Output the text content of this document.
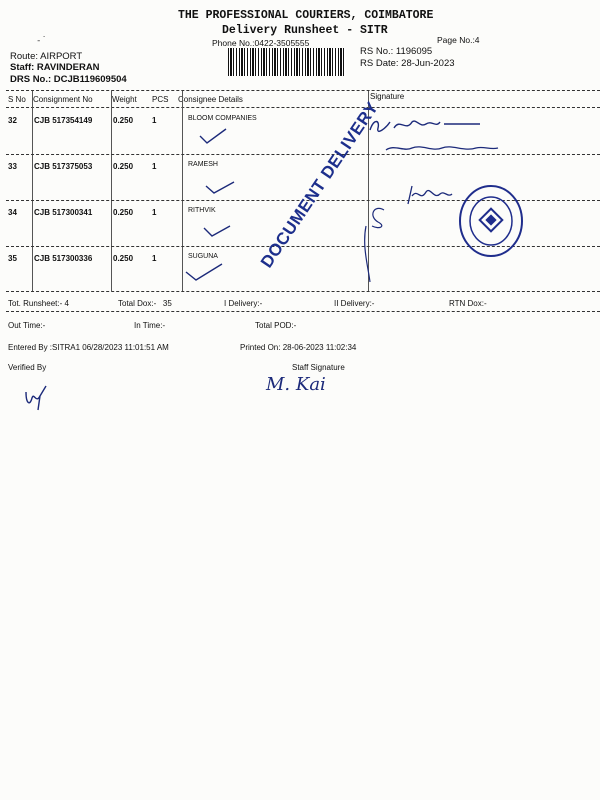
THE PROFESSIONAL COURIERS, COIMBATORE
Delivery Runsheet - SITR
Phone No.:0422-3505555	Page No.:4
-˙
Route: AIRPORT
Staff: RAVINDERAN
DRS No.: DCJB119609504
RS No.: 1196095
RS Date: 28-Jun-2023
S No Consignment No Weight PCS Consignee Details	Signature
32 CJB 517354149	0.250 1	BLOOM COMPANIES
33 CJB 517375053	0.250 1	RAMESH
34 CJB 517300341	0.250 1	RITHVIK
35 CJB 517300336	0.250 1	SUGUNA
Tot. Runsheet:- 4	Total Dox:-   35	I Delivery:-	II Delivery:-	RTN Dox:-
Out Time:-	In Time:-	Total POD:-
Entered By :SITRA1 06/28/2023 11:01:51 AM	Printed On: 28-06-2023 11:02:34
Verified By	Staff Signature
DOCUMENT DELIVERY
M. Kai
